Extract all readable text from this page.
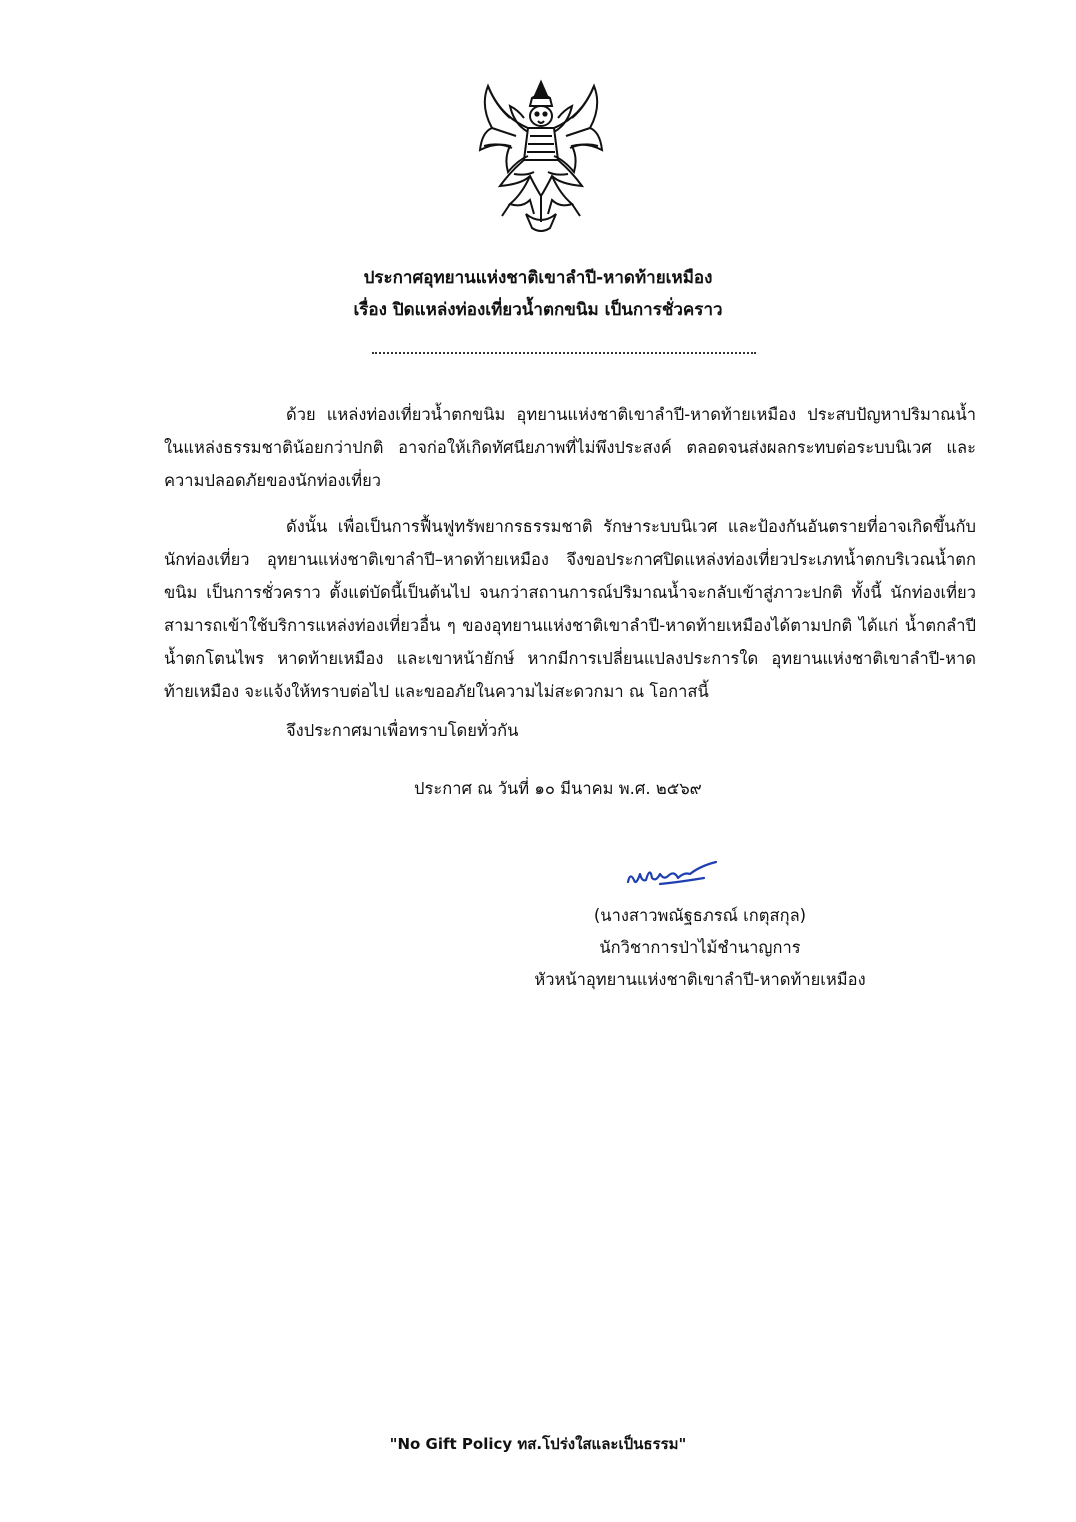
ประกาศอุทยานแห่งชาติเขาลำปี-หาดท้ายเหมือง
เรื่อง ปิดแหล่งท่องเที่ยวน้ำตกขนิม เป็นการชั่วคราว

ด้วย แหล่งท่องเที่ยวน้ำตกขนิม อุทยานแห่งชาติเขาลำปี-หาดท้ายเหมือง ประสบปัญหาปริมาณน้ำในแหล่งธรรมชาติน้อยกว่าปกติ อาจก่อให้เกิดทัศนียภาพที่ไม่พึงประสงค์ ตลอดจนส่งผลกระทบต่อระบบนิเวศ และความปลอดภัยของนักท่องเที่ยว

ดังนั้น เพื่อเป็นการฟื้นฟูทรัพยากรธรรมชาติ รักษาระบบนิเวศ และป้องกันอันตรายที่อาจเกิดขึ้นกับนักท่องเที่ยว อุทยานแห่งชาติเขาลำปี–หาดท้ายเหมือง จึงขอประกาศปิดแหล่งท่องเที่ยวประเภทน้ำตกบริเวณน้ำตกขนิม เป็นการชั่วคราว ตั้งแต่บัดนี้เป็นต้นไป จนกว่าสถานการณ์ปริมาณน้ำจะกลับเข้าสู่ภาวะปกติ ทั้งนี้ นักท่องเที่ยวสามารถเข้าใช้บริการแหล่งท่องเที่ยวอื่น ๆ ของอุทยานแห่งชาติเขาลำปี-หาดท้ายเหมืองได้ตามปกติ ได้แก่ น้ำตกลำปี น้ำตกโตนไพร หาดท้ายเหมือง และเขาหน้ายักษ์ หากมีการเปลี่ยนแปลงประการใด อุทยานแห่งชาติเขาลำปี-หาดท้ายเหมือง จะแจ้งให้ทราบต่อไป และขออภัยในความไม่สะดวกมา ณ โอกาสนี้

จึงประกาศมาเพื่อทราบโดยทั่วกัน
ประกาศ ณ วันที่ ๑๐ มีนาคม พ.ศ. ๒๕๖๙
(นางสาวพณัฐธภรณ์ เกตุสกุล)
นักวิชาการป่าไม้ชำนาญการ
หัวหน้าอุทยานแห่งชาติเขาลำปี-หาดท้ายเหมือง
"No Gift Policy ทส.โปร่งใสและเป็นธรรม"
